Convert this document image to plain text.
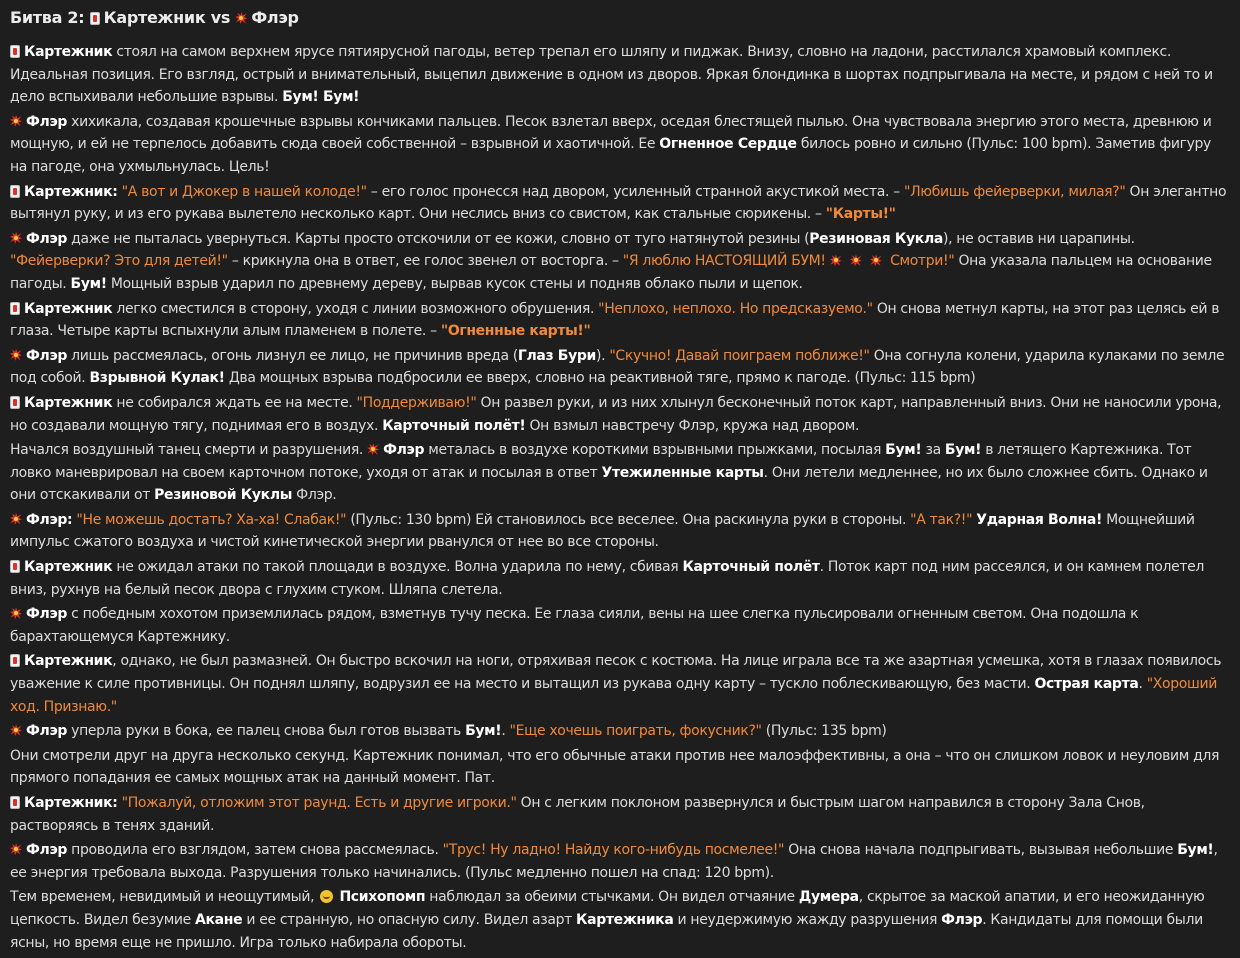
Битва 2: Картежник vs Флэр

Картежник стоял на самом верхнем ярусе пятиярусной пагоды, ветер трепал его шляпу и пиджак. Внизу, словно на ладони, расстилался храмовый комплекс. Идеальная позиция. Его взгляд, острый и внимательный, выцепил движение в одном из дворов. Яркая блондинка в шортах подпрыгивала на месте, и рядом с ней то и дело вспыхивали небольшие взрывы. Бум! Бум!

Флэр хихикала, создавая крошечные взрывы кончиками пальцев. Песок взлетал вверх, оседая блестящей пылью. Она чувствовала энергию этого места, древнюю и мощную, и ей не терпелось добавить сюда своей собственной – взрывной и хаотичной. Ее Огненное Сердце билось ровно и сильно (Пульс: 100 bpm). Заметив фигуру на пагоде, она ухмыльнулась. Цель!

Картежник: "А вот и Джокер в нашей колоде!" – его голос пронесся над двором, усиленный странной акустикой места. – "Любишь фейерверки, милая?" Он элегантно вытянул руку, и из его рукава вылетело несколько карт. Они неслись вниз со свистом, как стальные сюрикены. – "Карты!"

Флэр даже не пыталась увернуться. Карты просто отскочили от ее кожи, словно от туго натянутой резины (Резиновая Кукла), не оставив ни царапины. "Фейерверки? Это для детей!" – крикнула она в ответ, ее голос звенел от восторга. – "Я люблю НАСТОЯЩИЙ БУМ!	Смотри!" Она указала пальцем на основание пагоды. Бум! Мощный взрыв ударил по древнему дереву, вырвав кусок стены и подняв облако пыли и щепок.

Картежник легко сместился в сторону, уходя с линии возможного обрушения. "Неплохо, неплохо. Но предсказуемо." Он снова метнул карты, на этот раз целясь ей в глаза. Четыре карты вспыхнули алым пламенем в полете. – "Огненные карты!"

Флэр лишь рассмеялась, огонь лизнул ее лицо, не причинив вреда (Глаз Бури). "Скучно! Давай поиграем поближе!" Она согнула колени, ударила кулаками по земле под собой. Взрывной Кулак! Два мощных взрыва подбросили ее вверх, словно на реактивной тяге, прямо к пагоде. (Пульс: 115 bpm)

Картежник не собирался ждать ее на месте. "Поддерживаю!" Он развел руки, и из них хлынул бесконечный поток карт, направленный вниз. Они не наносили урона, но создавали мощную тягу, поднимая его в воздух. Карточный полёт! Он взмыл навстречу Флэр, кружа над двором.

Начался воздушный танец смерти и разрушения. Флэр металась в воздухе короткими взрывными прыжками, посылая Бум! за Бум! в летящего Картежника. Тот ловко маневрировал на своем карточном потоке, уходя от атак и посылая в ответ Утежиленные карты. Они летели медленнее, но их было сложнее сбить. Однако и они отскакивали от Резиновой Куклы Флэр.

Флэр: "Не можешь достать? Ха-ха! Слабак!" (Пульс: 130 bpm) Ей становилось все веселее. Она раскинула руки в стороны. "А так?!" Ударная Волна! Мощнейший импульс сжатого воздуха и чистой кинетической энергии рванулся от нее во все стороны.

Картежник не ожидал атаки по такой площади в воздухе. Волна ударила по нему, сбивая Карточный полёт. Поток карт под ним рассеялся, и он камнем полетел вниз, рухнув на белый песок двора с глухим стуком. Шляпа слетела.

Флэр с победным хохотом приземлилась рядом, взметнув тучу песка. Ее глаза сияли, вены на шее слегка пульсировали огненным светом. Она подошла к барахтающемуся Картежнику.

Картежник, однако, не был размазней. Он быстро вскочил на ноги, отряхивая песок с костюма. На лице играла все та же азартная усмешка, хотя в глазах появилось уважение к силе противницы. Он поднял шляпу, водрузил ее на место и вытащил из рукава одну карту – тускло поблескивающую, без масти. Острая карта. "Хороший ход. Признаю."

Флэр уперла руки в бока, ее палец снова был готов вызвать Бум!. "Еще хочешь поиграть, фокусник?" (Пульс: 135 bpm)

Они смотрели друг на друга несколько секунд. Картежник понимал, что его обычные атаки против нее малоэффективны, а она – что он слишком ловок и неуловим для прямого попадания ее самых мощных атак на данный момент. Пат.

Картежник: "Пожалуй, отложим этот раунд. Есть и другие игроки." Он с легким поклоном развернулся и быстрым шагом направился в сторону Зала Снов, растворяясь в тенях зданий.

Флэр проводила его взглядом, затем снова рассмеялась. "Трус! Ну ладно! Найду кого-нибудь посмелее!" Она снова начала подпрыгивать, вызывая небольшие Бум!, ее энергия требовала выхода. Разрушения только начинались. (Пульс медленно пошел на спад: 120 bpm).

Тем временем, невидимый и неощутимый, Психопомп наблюдал за обеими стычками. Он видел отчаяние Думера, скрытое за маской апатии, и его неожиданную цепкость. Видел безумие Акане и ее странную, но опасную силу. Видел азарт Картежника и неудержимую жажду разрушения Флэр. Кандидаты для помощи были ясны, но время еще не пришло. Игра только набирала обороты.
